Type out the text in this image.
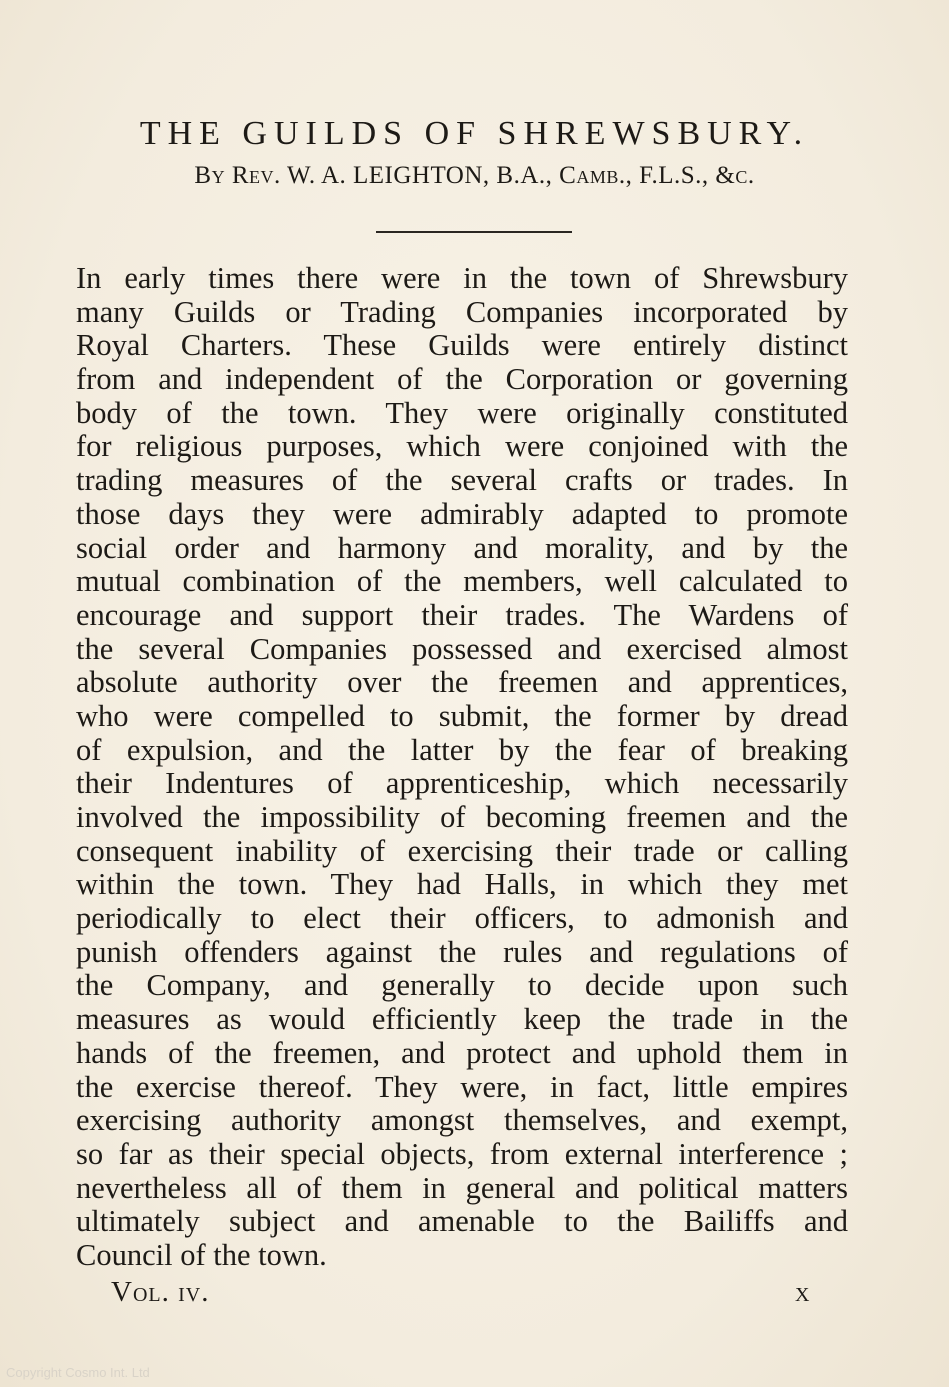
THE GUILDS OF SHREWSBURY.
By Rev. W. A. LEIGHTON, B.A., Camb., F.L.S., &c.
In early times there were in the town of Shrewsbury
many Guilds or Trading Companies incorporated by
Royal Charters. These Guilds were entirely distinct
from and independent of the Corporation or governing
body of the town. They were originally constituted
for religious purposes, which were conjoined with the
trading measures of the several crafts or trades. In
those days they were admirably adapted to promote
social order and harmony and morality, and by the
mutual combination of the members, well calculated to
encourage and support their trades. The Wardens of
the several Companies possessed and exercised almost
absolute authority over the freemen and apprentices,
who were compelled to submit, the former by dread
of expulsion, and the latter by the fear of breaking
their Indentures of apprenticeship, which necessarily
involved the impossibility of becoming freemen and the
consequent inability of exercising their trade or calling
within the town. They had Halls, in which they met
periodically to elect their officers, to admonish and
punish offenders against the rules and regulations of
the Company, and generally to decide upon such
measures as would efficiently keep the trade in the
hands of the freemen, and protect and uphold them in
the exercise thereof. They were, in fact, little empires
exercising authority amongst themselves, and exempt,
so far as their special objects, from external interference ;
nevertheless all of them in general and political matters
ultimately subject and amenable to the Bailiffs and
Council of the town.
Vol. iv.	x
Copyright Cosmo Int. Ltd
